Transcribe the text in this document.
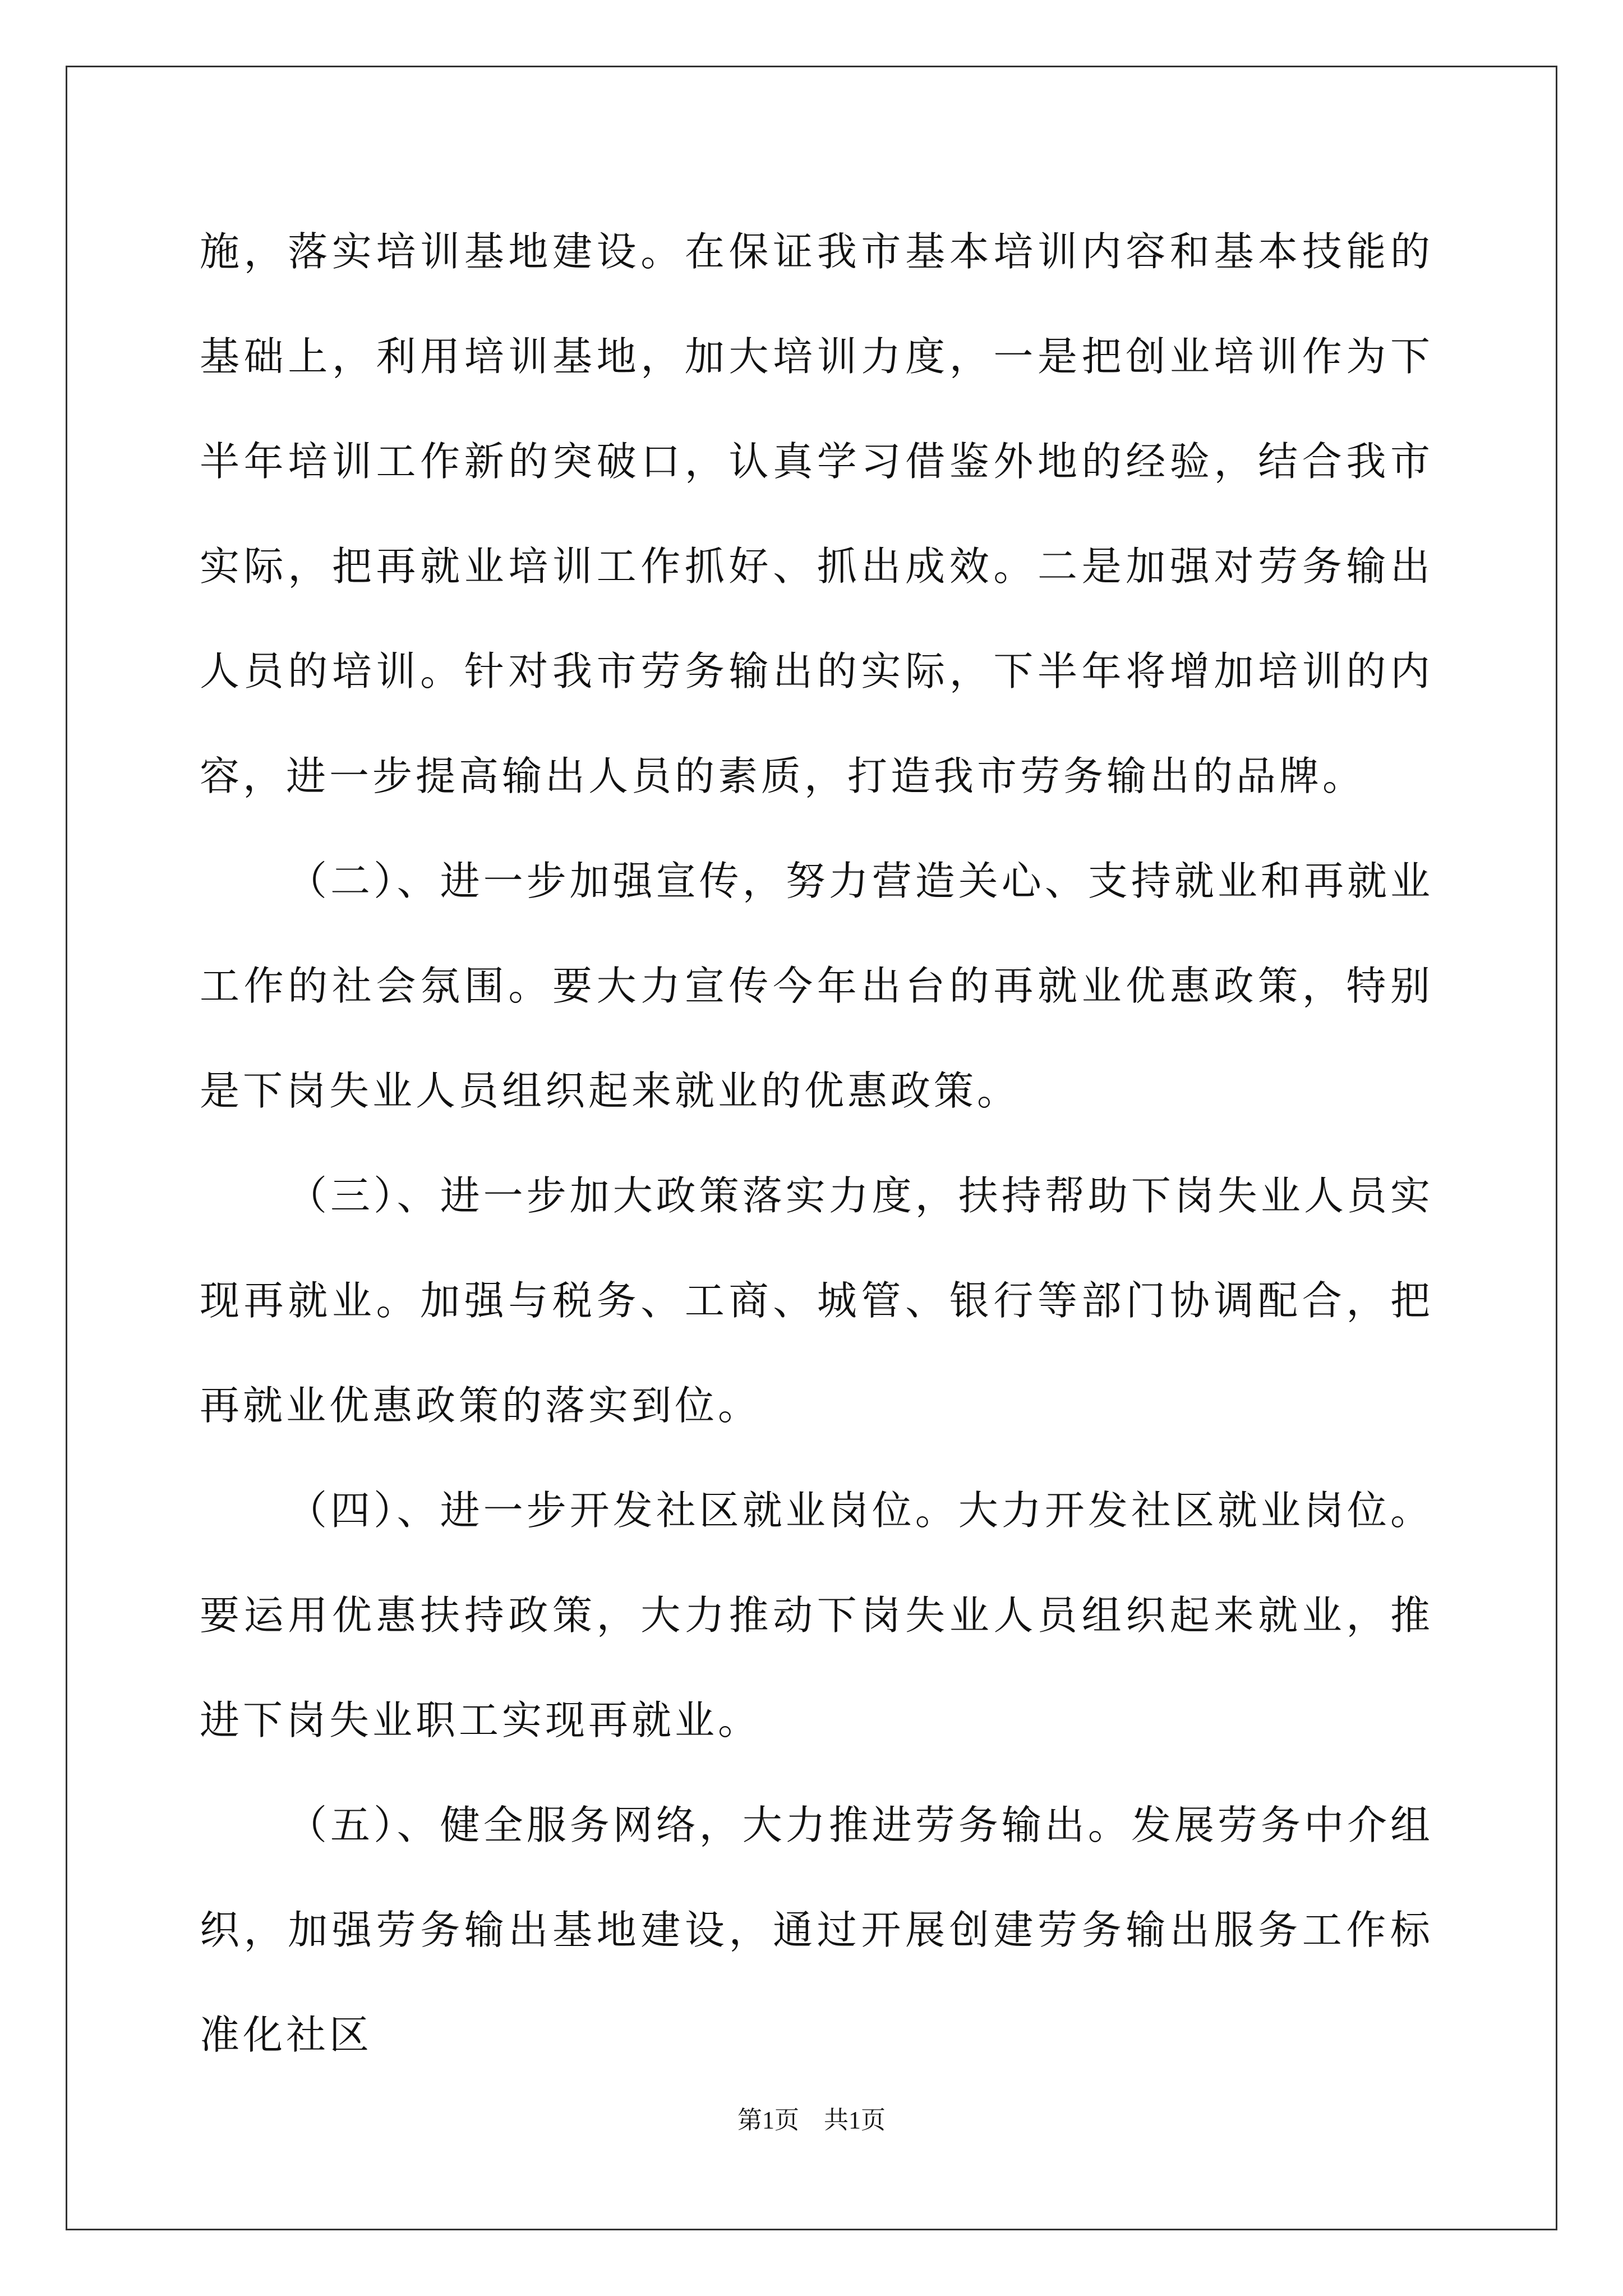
施，落实培训基地建设。在保证我市基本培训内容和基本技能的基础上，利用培训基地，加大培训力度，一是把创业培训作为下半年培训工作新的突破口，认真学习借鉴外地的经验，结合我市实际，把再就业培训工作抓好、抓出成效。二是加强对劳务输出人员的培训。针对我市劳务输出的实际，下半年将增加培训的内容，进一步提高输出人员的素质，打造我市劳务输出的品牌。

（二）、进一步加强宣传，努力营造关心、支持就业和再就业工作的社会氛围。要大力宣传今年出台的再就业优惠政策，特别是下岗失业人员组织起来就业的优惠政策。

（三）、进一步加大政策落实力度，扶持帮助下岗失业人员实现再就业。加强与税务、工商、城管、银行等部门协调配合，把再就业优惠政策的落实到位。

（四）、进一步开发社区就业岗位。大力开发社区就业岗位。要运用优惠扶持政策，大力推动下岗失业人员组织起来就业，推进下岗失业职工实现再就业。

（五）、健全服务网络，大力推进劳务输出。发展劳务中介组织，加强劳务输出基地建设，通过开展创建劳务输出服务工作标准化社区

第1页　共1页
